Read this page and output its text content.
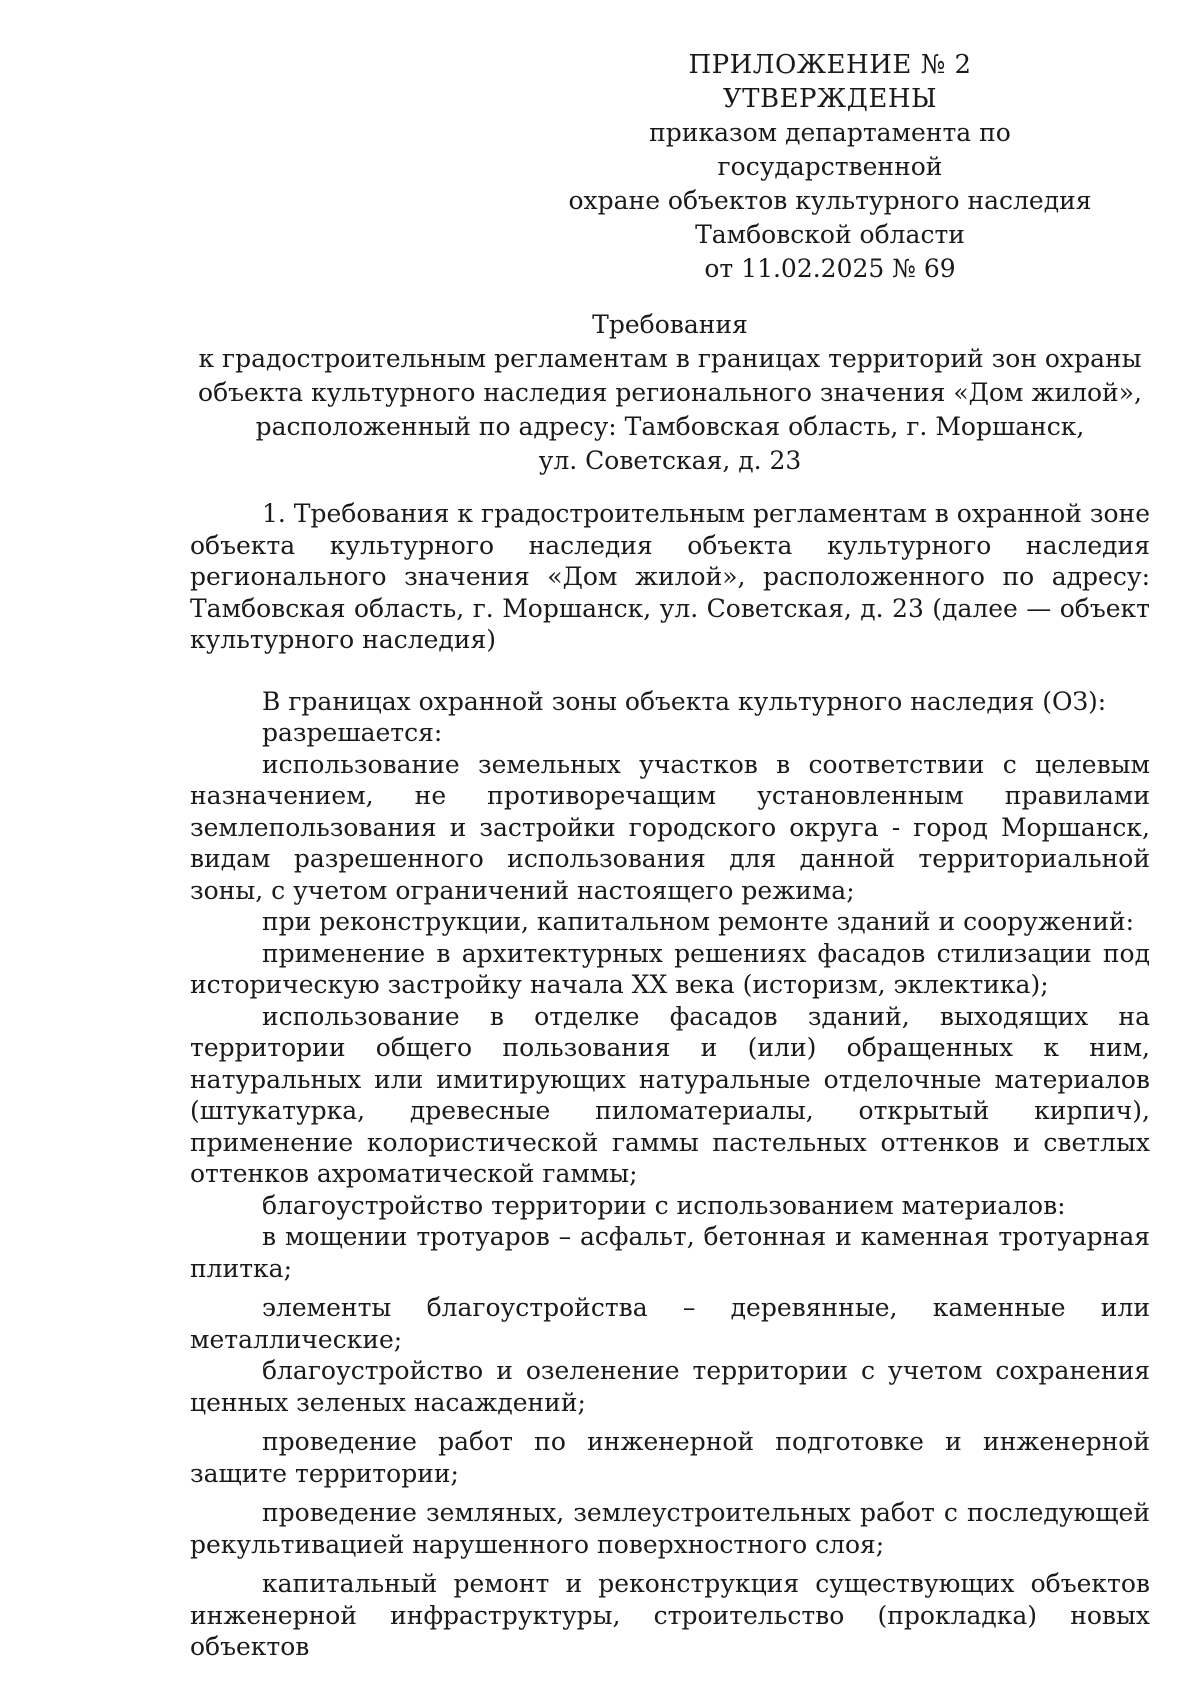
ПРИЛОЖЕНИЕ № 2
УТВЕРЖДЕНЫ
приказом департамента по государственной
охране объектов культурного наследия
Тамбовской области
от 11.02.2025 № 69
Требования
к градостроительным регламентам в границах территорий зон охраны
объекта культурного наследия регионального значения «Дом жилой»,
расположенный по адресу: Тамбовская область, г. Моршанск,
ул. Советская, д. 23

1. Требования к градостроительным регламентам в охранной зоне объекта культурного наследия объекта культурного наследия регионального значения «Дом жилой», расположенного по адресу: Тамбовская область, г. Моршанск, ул. Советская, д. 23 (далее — объект культурного наследия)

В границах охранной зоны объекта культурного наследия (ОЗ):

разрешается:

использование земельных участков в соответствии с целевым назначением, не противоречащим установленным правилами землепользования и застройки городского округа - город Моршанск, видам разрешенного использования для данной территориальной зоны, с учетом ограничений настоящего режима;

при реконструкции, капитальном ремонте зданий и сооружений:

применение в архитектурных решениях фасадов стилизации под историческую застройку начала XX века (историзм, эклектика);

использование в отделке фасадов зданий, выходящих на территории общего пользования и (или) обращенных к ним, натуральных или имитирующих натуральные отделочные материалов (штукатурка, древесные пиломатериалы, открытый кирпич), применение колористической гаммы пастельных оттенков и светлых оттенков ахроматической гаммы;

благоустройство территории с использованием материалов:

в мощении тротуаров – асфальт, бетонная и каменная тротуарная плитка;

элементы благоустройства – деревянные, каменные или металлические;

благоустройство и озеленение территории с учетом сохранения ценных зеленых насаждений;

проведение работ по инженерной подготовке и инженерной защите территории;

проведение земляных, землеустроительных работ с последующей рекультивацией нарушенного поверхностного слоя;

капитальный ремонт и реконструкция существующих объектов инженерной инфраструктуры, строительство (прокладка) новых объектов
